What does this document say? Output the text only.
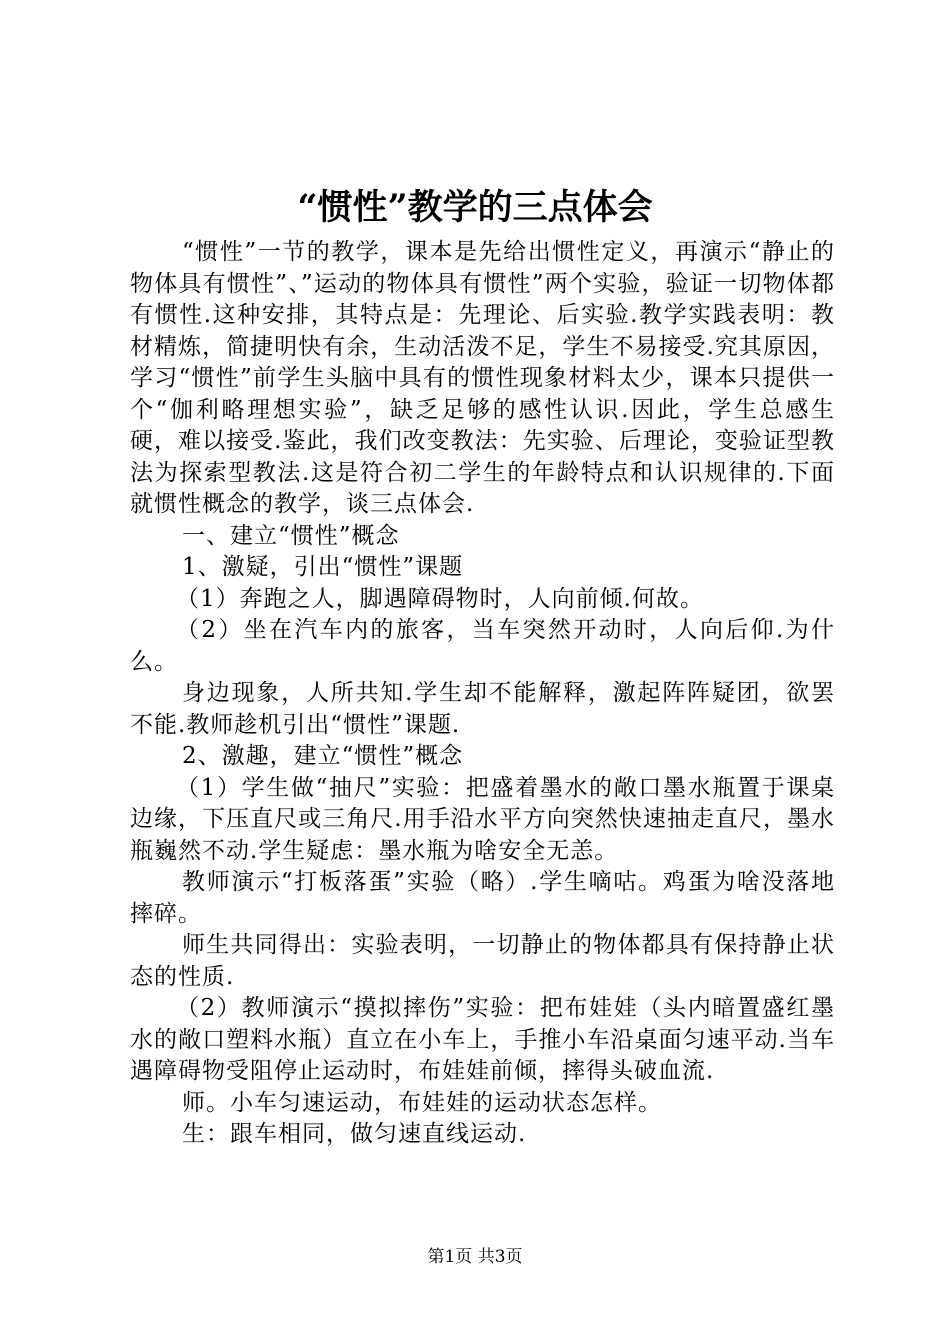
“惯性”教学的三点体会

“惯性”一节的教学，课本是先给出惯性定义，再演示“静止的物体具有惯性”、”运动的物体具有惯性”两个实验，验证一切物体都有惯性.这种安排，其特点是：先理论、后实验.教学实践表明：教材精炼，简捷明快有余，生动活泼不足，学生不易接受.究其原因，学习“惯性”前学生头脑中具有的惯性现象材料太少，课本只提供一个“伽利略理想实验”，缺乏足够的感性认识.因此，学生总感生硬，难以接受.鉴此，我们改变教法：先实验、后理论，变验证型教法为探索型教法.这是符合初二学生的年龄特点和认识规律的.下面就惯性概念的教学，谈三点体会.

一、建立“惯性”概念

1、激疑，引出“惯性”课题

（1）奔跑之人，脚遇障碍物时，人向前倾.何故。

（2）坐在汽车内的旅客，当车突然开动时，人向后仰.为什么。

身边现象，人所共知.学生却不能解释，激起阵阵疑团，欲罢不能.教师趁机引出“惯性”课题.

2、激趣，建立“惯性”概念

（1）学生做“抽尺”实验：把盛着墨水的敞口墨水瓶置于课桌边缘，下压直尺或三角尺.用手沿水平方向突然快速抽走直尺，墨水瓶巍然不动.学生疑虑：墨水瓶为啥安全无恙。

教师演示“打板落蛋”实验（略）.学生嘀咕。鸡蛋为啥没落地摔碎。

师生共同得出：实验表明，一切静止的物体都具有保持静止状态的性质.

（2）教师演示“摸拟摔伤”实验：把布娃娃（头内暗置盛红墨水的敞口塑料水瓶）直立在小车上，手推小车沿桌面匀速平动.当车遇障碍物受阻停止运动时，布娃娃前倾，摔得头破血流.

师。小车匀速运动，布娃娃的运动状态怎样。

生：跟车相同，做匀速直线运动.

第1页 共3页
